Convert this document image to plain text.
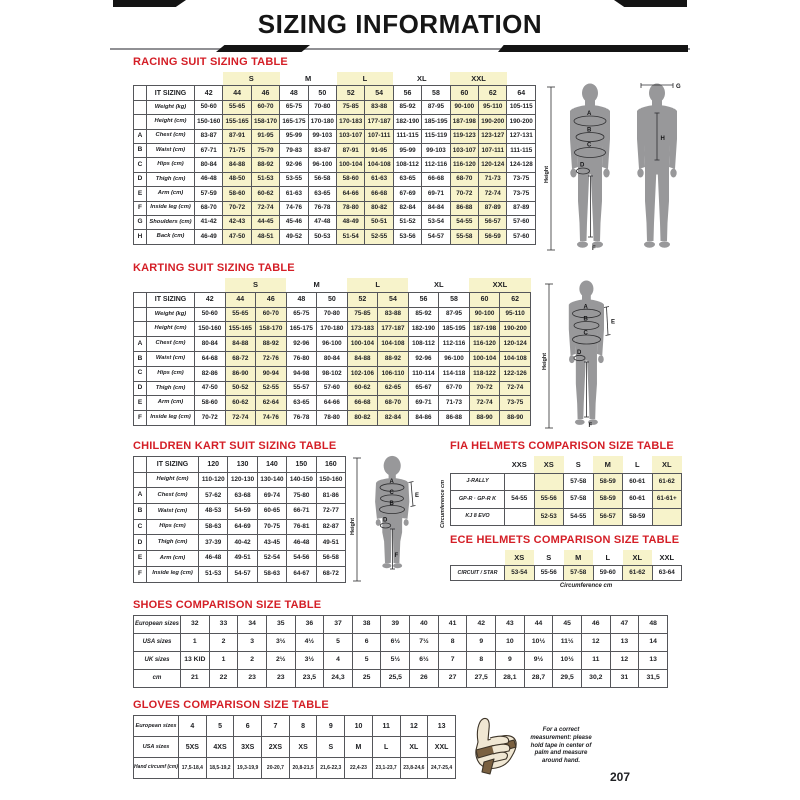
SIZING INFORMATION
RACING SUIT SIZING TABLE
			S		M		L		XL		XXL		
	IT SIZING	42	44	46	48	50	52	54	56	58	60	62	64
	Weight (kg)	50-60	55-65	60-70	65-75	70-80	75-85	83-88	85-92	87-95	90-100	95-110	105-115
	Height (cm)	150-160	155-165	158-170	165-175	170-180	170-183	177-187	182-190	185-195	187-198	190-200	190-200
A	Chest (cm)	83-87	87-91	91-95	95-99	99-103	103-107	107-111	111-115	115-119	119-123	123-127	127-131
B	Waist (cm)	67-71	71-75	75-79	79-83	83-87	87-91	91-95	95-99	99-103	103-107	107-111	111-115
C	Hips (cm)	80-84	84-88	88-92	92-96	96-100	100-104	104-108	108-112	112-116	116-120	120-124	124-128
D	Thigh (cm)	46-48	48-50	51-53	53-55	56-58	58-60	61-63	63-65	66-68	68-70	71-73	73-75
E	Arm (cm)	57-59	58-60	60-62	61-63	63-65	64-66	66-68	67-69	69-71	70-72	72-74	73-75
F	Inside leg (cm)	68-70	70-72	72-74	74-76	76-78	78-80	80-82	82-84	84-84	86-88	87-89	87-89
G	Shoulders (cm)	41-42	42-43	44-45	45-46	47-48	48-49	50-51	51-52	53-54	54-55	56-57	57-60
H	Back (cm)	46-49	47-50	48-51	49-52	50-53	51-54	52-55	53-56	54-57	55-58	56-59	57-60
Height
A
B
C
D
F
G
H
KARTING SUIT SIZING TABLE
			S		M		L		XL		XXL	
	IT SIZING	42	44	46	48	50	52	54	56	58	60	62
	Weight (kg)	50-60	55-65	60-70	65-75	70-80	75-85	83-88	85-92	87-95	90-100	95-110
	Height (cm)	150-160	155-165	158-170	165-175	170-180	173-183	177-187	182-190	185-195	187-198	190-200
A	Chest (cm)	80-84	84-88	88-92	92-96	96-100	100-104	104-108	108-112	112-116	116-120	120-124
B	Waist (cm)	64-68	68-72	72-76	76-80	80-84	84-88	88-92	92-96	96-100	100-104	104-108
C	Hips (cm)	82-86	86-90	90-94	94-98	98-102	102-106	106-110	110-114	114-118	118-122	122-126
D	Thigh (cm)	47-50	50-52	52-55	55-57	57-60	60-62	62-65	65-67	67-70	70-72	72-74
E	Arm (cm)	58-60	60-62	62-64	63-65	64-66	66-68	68-70	69-71	71-73	72-74	73-75
F	Inside leg (cm)	70-72	72-74	74-76	76-78	78-80	80-82	82-84	84-86	86-88	88-90	88-90
Height
A
B
C
D
E
F
CHILDREN KART SUIT SIZING TABLE
	IT SIZING	120	130	140	150	160
	Height (cm)	110-120	120-130	130-140	140-150	150-160
A	Chest (cm)	57-62	63-68	69-74	75-80	81-86
B	Waist (cm)	48-53	54-59	60-65	66-71	72-77
C	Hips (cm)	58-63	64-69	70-75	76-81	82-87
D	Thigh (cm)	37-39	40-42	43-45	46-48	49-51
E	Arm (cm)	46-48	49-51	52-54	54-56	56-58
F	Inside leg (cm)	51-53	54-57	58-63	64-67	68-72
Height
A
C
B
D
E
F
FIA HELMETS COMPARISON SIZE TABLE
Circumference cm
	XXS	XS	S	M	L	XL
J-RALLY			57-58	58-59	60-61	61-62
GP-R · GP-R K	54-55	55-56	57-58	58-59	60-61	61-61+
KJ 8 EVO		52-53	54-55	56-57	58-59	
ECE HELMETS COMPARISON SIZE TABLE
	XS	S	M	L	XL	XXL
CIRCUIT / STAR	53-54	55-56	57-58	59-60	61-62	63-64
Circumference cm
SHOES COMPARISON SIZE TABLE
European sizes	32	33	34	35	36	37	38	39	40	41	42	43	44	45	46	47	48
USA sizes	1	2	3	3½	4½	5	6	6½	7½	8	9	10	10½	11½	12	13	14
UK sizes	13 KID	1	2	2½	3½	4	5	5½	6½	7	8	9	9½	10½	11	12	13
cm	21	22	23	23	23,5	24,3	25	25,5	26	27	27,5	28,1	28,7	29,5	30,2	31	31,5
GLOVES COMPARISON SIZE TABLE
European sizes	4	5	6	7	8	9	10	11	12	13
USA sizes	5XS	4XS	3XS	2XS	XS	S	M	L	XL	XXL
Hand circumf (cm)	17,5-18,4	18,5-19,2	19,3-19,9	20-20,7	20,8-21,5	21,6-22,3	22,4-23	23,1-23,7	23,8-24,6	24,7-25,4
For a correct measurement: please hold tape in center of palm and measure around hand.
207
